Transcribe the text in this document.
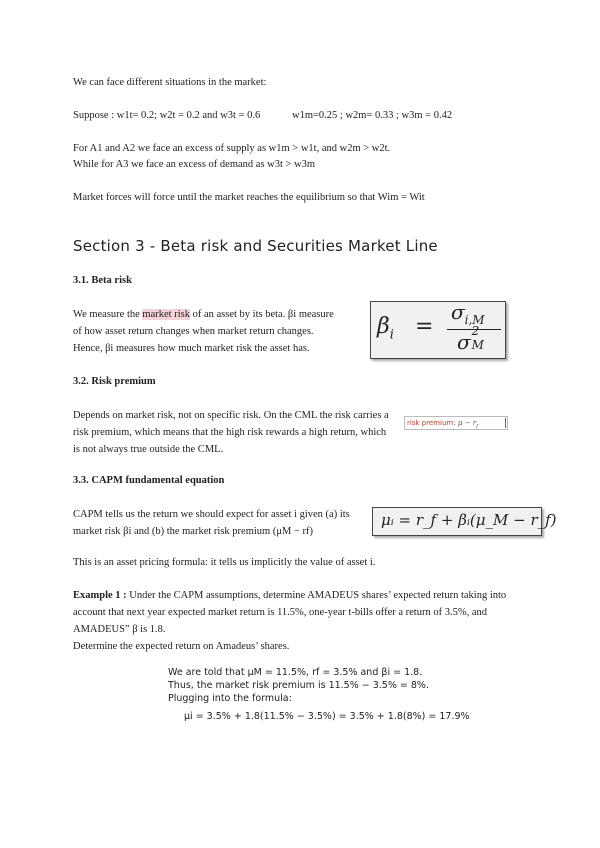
We can face different situations in the market:
Suppose : w1t= 0.2; w2t = 0.2 and w3t = 0.6	w1m=0.25 ; w2m= 0.33 ; w3m = 0.42
For A1 and A2 we face an excess of supply as w1m > w1t, and w2m > w2t.
While for A3 we face an excess of demand as w3t > w3m
Market forces will force until the market reaches the equilibrium so that Wim = Wit
Section 3 - Beta risk and Securities Market Line
3.1. Beta risk
We measure the market risk of an asset by its beta. βi measure
of how asset return changes when market return changes.
Hence, βi measures how much market risk the asset has.
$\beta_i$ =
$\sigma_{i,M}$
σ 2
M
3.2. Risk premium
Depends on market risk, not on specific risk. On the CML the risk carries a
risk premium, which means that the high risk rewards a high return, which
is not always true outside the CML.
risk premium: $\mu - r_f$
3.3. CAPM fundamental equation
CAPM tells us the return we should expect for asset i given (a) its
market risk βi and (b) the market risk premium (μM − rf)
μᵢ = r_f + βᵢ(μ_M − r_f)
This is an asset pricing formula: it tells us implicitly the value of asset i.
Example 1 : Under the CAPM assumptions, determine AMADEUS shares’ expected return taking into
account that next year expected market return is 11.5%, one-year t-bills offer a return of 3.5%, and
AMADEUS” β is 1.8.
Determine the expected return on Amadeus’ shares.
We are told that μM = 11.5%, rf = 3.5% and βi = 1.8.
Thus, the market risk premium is 11.5% − 3.5% = 8%.
Plugging into the formula:
μi = 3.5% + 1.8(11.5% − 3.5%) = 3.5% + 1.8(8%) = 17.9%
